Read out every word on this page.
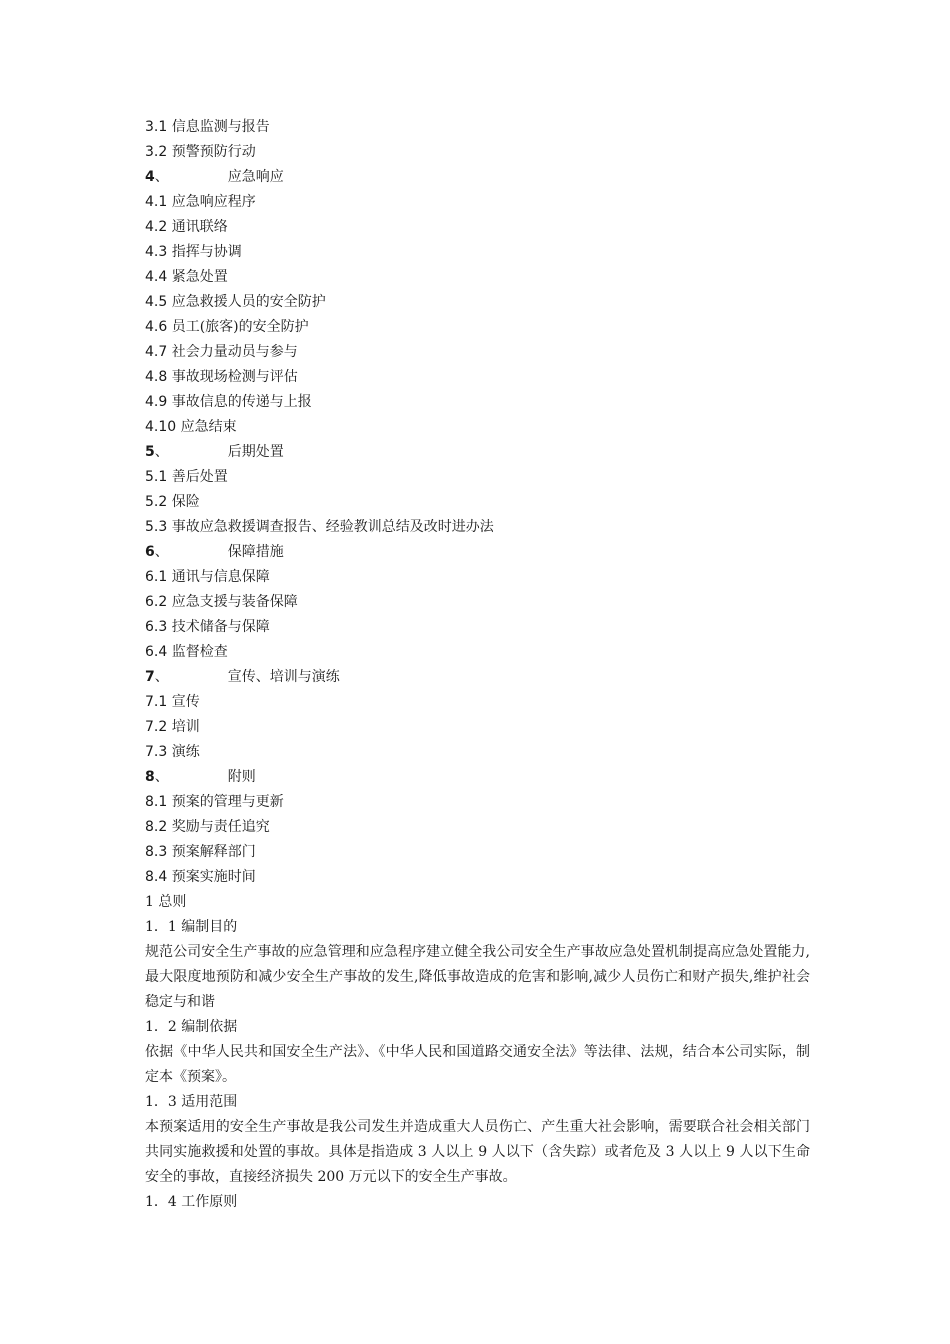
3.1 信息监测与报告
3.2 预警预防行动
4、	应急响应
4.1 应急响应程序
4.2 通讯联络
4.3 指挥与协调
4.4 紧急处置
4.5 应急救援人员的安全防护
4.6 员工(旅客)的安全防护
4.7 社会力量动员与参与
4.8 事故现场检测与评估
4.9 事故信息的传递与上报
4.10 应急结束
5、	后期处置
5.1 善后处置
5.2 保险
5.3 事故应急救援调查报告、经验教训总结及改时进办法
6、	保障措施
6.1 通讯与信息保障
6.2 应急支援与装备保障
6.3 技术储备与保障
6.4 监督检查
7、	宣传、培训与演练
7.1 宣传
7.2 培训
7.3 演练
8、	附则
8.1 预案的管理与更新
8.2 奖励与责任追究
8.3 预案解释部门
8.4 预案实施时间
1 总则
1．1 编制目的
规范公司安全生产事故的应急管理和应急程序建立健全我公司安全生产事故应急处置机制提高应急处置能力,最大限度地预防和减少安全生产事故的发生,降低事故造成的危害和影响,减少人员伤亡和财产损失,维护社会稳定与和谐
1．2 编制依据
依据《中华人民共和国安全生产法》、《中华人民和国道路交通安全法》等法律、法规，结合本公司实际，制定本《预案》。
1．3 适用范围
本预案适用的安全生产事故是我公司发生并造成重大人员伤亡、产生重大社会影响，需要联合社会相关部门共同实施救援和处置的事故。具体是指造成 3 人以上 9 人以下（含失踪）或者危及 3 人以上 9 人以下生命安全的事故，直接经济损失 200 万元以下的安全生产事故。
1．4 工作原则
